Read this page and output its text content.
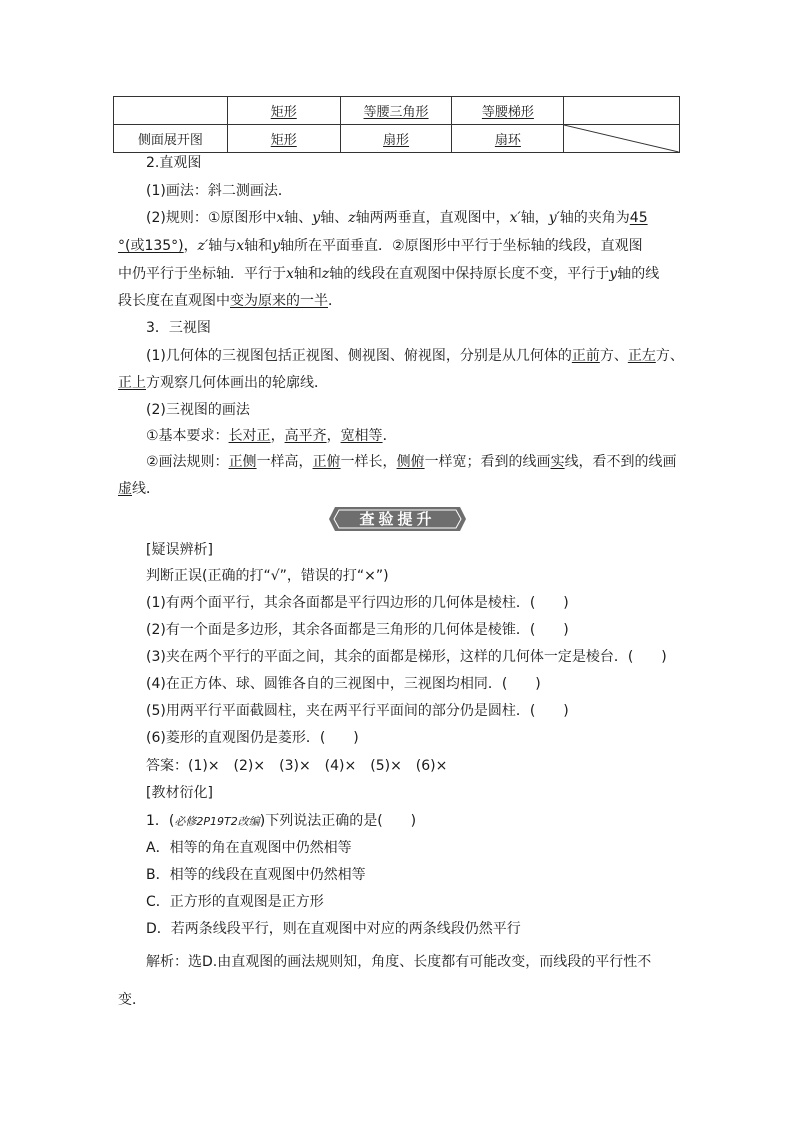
	矩形	等腰三角形	等腰梯形	
侧面展开图	矩形	扇形	扇环	
2.直观图
(1)画法：斜二测画法．
(2)规则：①原图形中x轴、y轴、z轴两两垂直，直观图中，x′轴，y′轴的夹角为45
°(或135°)，z′轴与x轴和y轴所在平面垂直．②原图形中平行于坐标轴的线段，直观图
中仍平行于坐标轴．平行于x轴和z轴的线段在直观图中保持原长度不变，平行于y轴的线
段长度在直观图中变为原来的一半．
3．三视图
(1)几何体的三视图包括正视图、侧视图、俯视图，分别是从几何体的正前方、正左方、
正上方观察几何体画出的轮廓线．
(2)三视图的画法
①基本要求：长对正，高平齐，宽相等．
②画法规则：正侧一样高，正俯一样长，侧俯一样宽；看到的线画实线，看不到的线画
虚线．
查验提升
[疑误辨析]
判断正误(正确的打“√”，错误的打“×”)
(1)有两个面平行，其余各面都是平行四边形的几何体是棱柱．(　　)
(2)有一个面是多边形，其余各面都是三角形的几何体是棱锥．(　　)
(3)夹在两个平行的平面之间，其余的面都是梯形，这样的几何体一定是棱台．(　　)
(4)在正方体、球、圆锥各自的三视图中，三视图均相同．(　　)
(5)用两平行平面截圆柱，夹在两平行平面间的部分仍是圆柱．(　　)
(6)菱形的直观图仍是菱形．(　　)
答案：(1)×　(2)×　(3)×　(4)×　(5)×　(6)×
[教材衍化]
1．(必修2P19T2改编)下列说法正确的是(　　)
A．相等的角在直观图中仍然相等
B．相等的线段在直观图中仍然相等
C．正方形的直观图是正方形
D．若两条线段平行，则在直观图中对应的两条线段仍然平行
解析：选D.由直观图的画法规则知，角度、长度都有可能改变，而线段的平行性不
变．
